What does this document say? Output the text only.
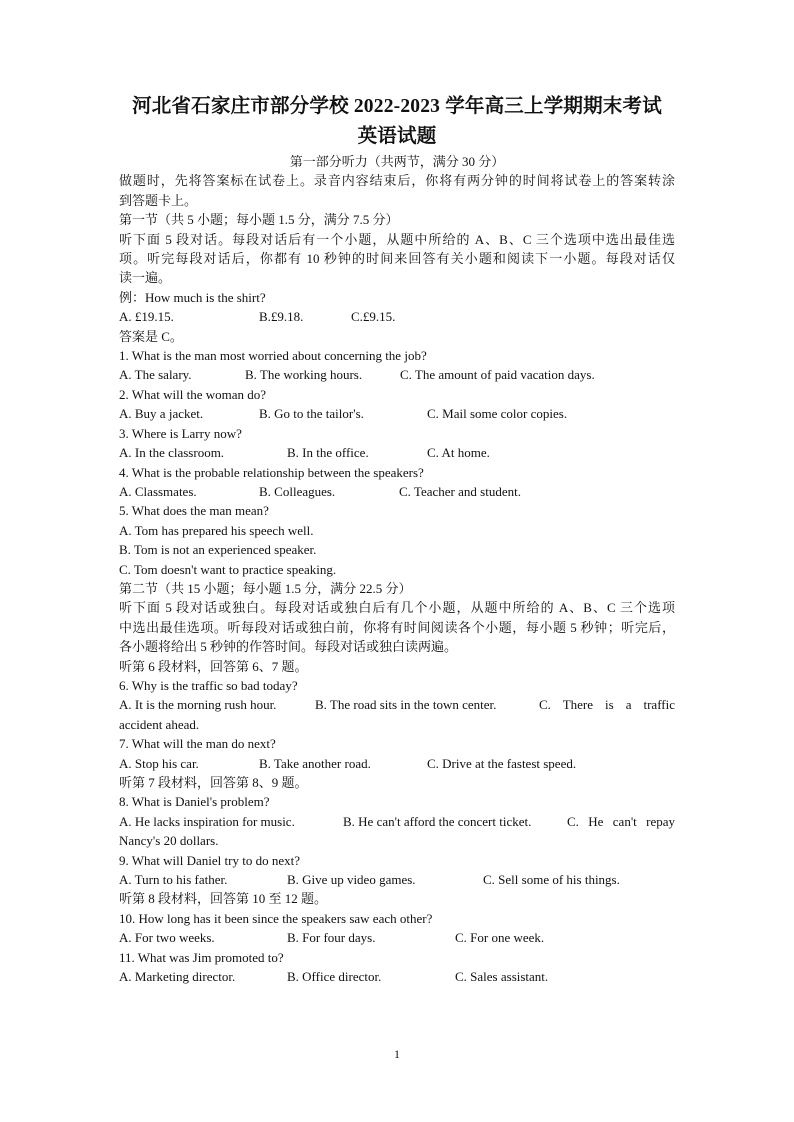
河北省石家庄市部分学校 2022-2023 学年高三上学期期末考试
英语试题
第一部分听力（共两节，满分 30 分）
做题时，先将答案标在试卷上。录音内容结束后，你将有两分钟的时间将试卷上的答案转涂
到答题卡上。
第一节（共 5 小题；每小题 1.5 分，满分 7.5 分）
听下面 5 段对话。每段对话后有一个小题，从题中所给的 A、B、C 三个选项中选出最佳选
项。听完每段对话后，你都有 10 秒钟的时间来回答有关小题和阅读下一小题。每段对话仅
读一遍。
例：How much is the shirt?
A. £19.15.	B.£9.18.	C.£9.15.
答案是 C。
1. What is the man most worried about concerning the job?
A. The salary.	B. The working hours.	C. The amount of paid vacation days.
2. What will the woman do?
A. Buy a jacket.	B. Go to the tailor's.	C. Mail some color copies.
3. Where is Larry now?
A. In the classroom.	B. In the office.	C. At home.
4. What is the probable relationship between the speakers?
A. Classmates.	B. Colleagues.	C. Teacher and student.
5. What does the man mean?
A. Tom has prepared his speech well.
B. Tom is not an experienced speaker.
C. Tom doesn't want to practice speaking.
第二节（共 15 小题；每小题 1.5 分，满分 22.5 分）
听下面 5 段对话或独白。每段对话或独白后有几个小题，从题中所给的 A、B、C 三个选项
中选出最佳选项。听每段对话或独白前，你将有时间阅读各个小题，每小题 5 秒钟；听完后，
各小题将给出 5 秒钟的作答时间。每段对话或独白读两遍。
听第 6 段材料，回答第 6、7 题。
6. Why is the traffic so bad today?
A. It is the morning rush hour.	B. The road sits in the town center.	C. There is a traffic
accident ahead.
7. What will the man do next?
A. Stop his car.	B. Take another road.	C. Drive at the fastest speed.
听第 7 段材料，回答第 8、9 题。
8. What is Daniel's problem?
A. He lacks inspiration for music.	B. He can't afford the concert ticket.	C. He can't repay
Nancy's 20 dollars.
9. What will Daniel try to do next?
A. Turn to his father.	B. Give up video games.	C. Sell some of his things.
听第 8 段材料，回答第 10 至 12 题。
10. How long has it been since the speakers saw each other?
A. For two weeks.	B. For four days.	C. For one week.
11. What was Jim promoted to?
A. Marketing director.	B. Office director.	C. Sales assistant.
1
